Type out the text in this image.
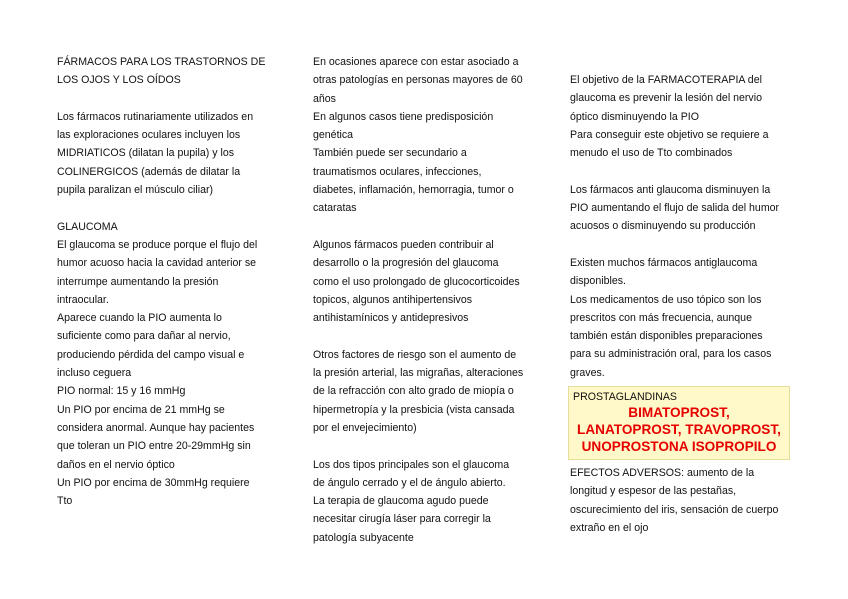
FÁRMACOS PARA LOS TRASTORNOS DE

LOS OJOS Y LOS OÍDOS

Los fármacos rutinariamente utilizados en

las exploraciones oculares incluyen los

MIDRIATICOS (dilatan la pupila) y los

COLINERGICOS (además de dilatar la

pupila paralizan el músculo ciliar)

GLAUCOMA

El glaucoma se produce porque el flujo del

humor acuoso hacia la cavidad anterior se

interrumpe aumentando la presión

intraocular.

Aparece cuando la PIO aumenta lo

suficiente como para dañar al nervio,

produciendo pérdida del campo visual e

incluso ceguera

PIO normal: 15 y 16 mmHg

Un PIO por encima de 21 mmHg se

considera anormal. Aunque hay pacientes

que toleran un PIO entre 20-29mmHg sin

daños en el nervio óptico

Un PIO por encima de 30mmHg requiere

Tto

En ocasiones aparece con estar asociado a

otras patologías en personas mayores de 60

años

En algunos casos tiene predisposición

genética

También puede ser secundario a

traumatismos oculares, infecciones,

diabetes, inflamación, hemorragia, tumor o

cataratas

Algunos fármacos pueden contribuir al

desarrollo o la progresión del glaucoma

como el uso prolongado de glucocorticoides

topicos, algunos antihipertensivos

antihistamínicos y antidepresivos

Otros factores de riesgo son el aumento de

la presión arterial, las migrañas, alteraciones

de la refracción con alto grado de miopía o

hipermetropía y la presbicia (vista cansada

por el envejecimiento)

Los dos tipos principales son el glaucoma

de ángulo cerrado y el de ángulo abierto.

La terapia de glaucoma agudo puede

necesitar cirugía láser para corregir la

patología subyacente

El objetivo de la FARMACOTERAPIA del

glaucoma es prevenir la lesión del nervio

óptico disminuyendo la PIO

Para conseguir este objetivo se requiere a

menudo el uso de Tto combinados

Los fármacos anti glaucoma disminuyen la

PIO aumentando el flujo de salida del humor

acuosos o disminuyendo su producción

Existen muchos fármacos antiglaucoma

disponibles.

Los medicamentos de uso tópico son los

prescritos con más frecuencia, aunque

también están disponibles preparaciones

para su administración oral, para los casos

graves.

PROSTAGLANDINAS
BIMATOPROST,
LANATOPROST, TRAVOPROST,
UNOPROSTONA ISOPROPILO

EFECTOS ADVERSOS: aumento de la

longitud y espesor de las pestañas,

oscurecimiento del iris, sensación de cuerpo

extraño en el ojo
